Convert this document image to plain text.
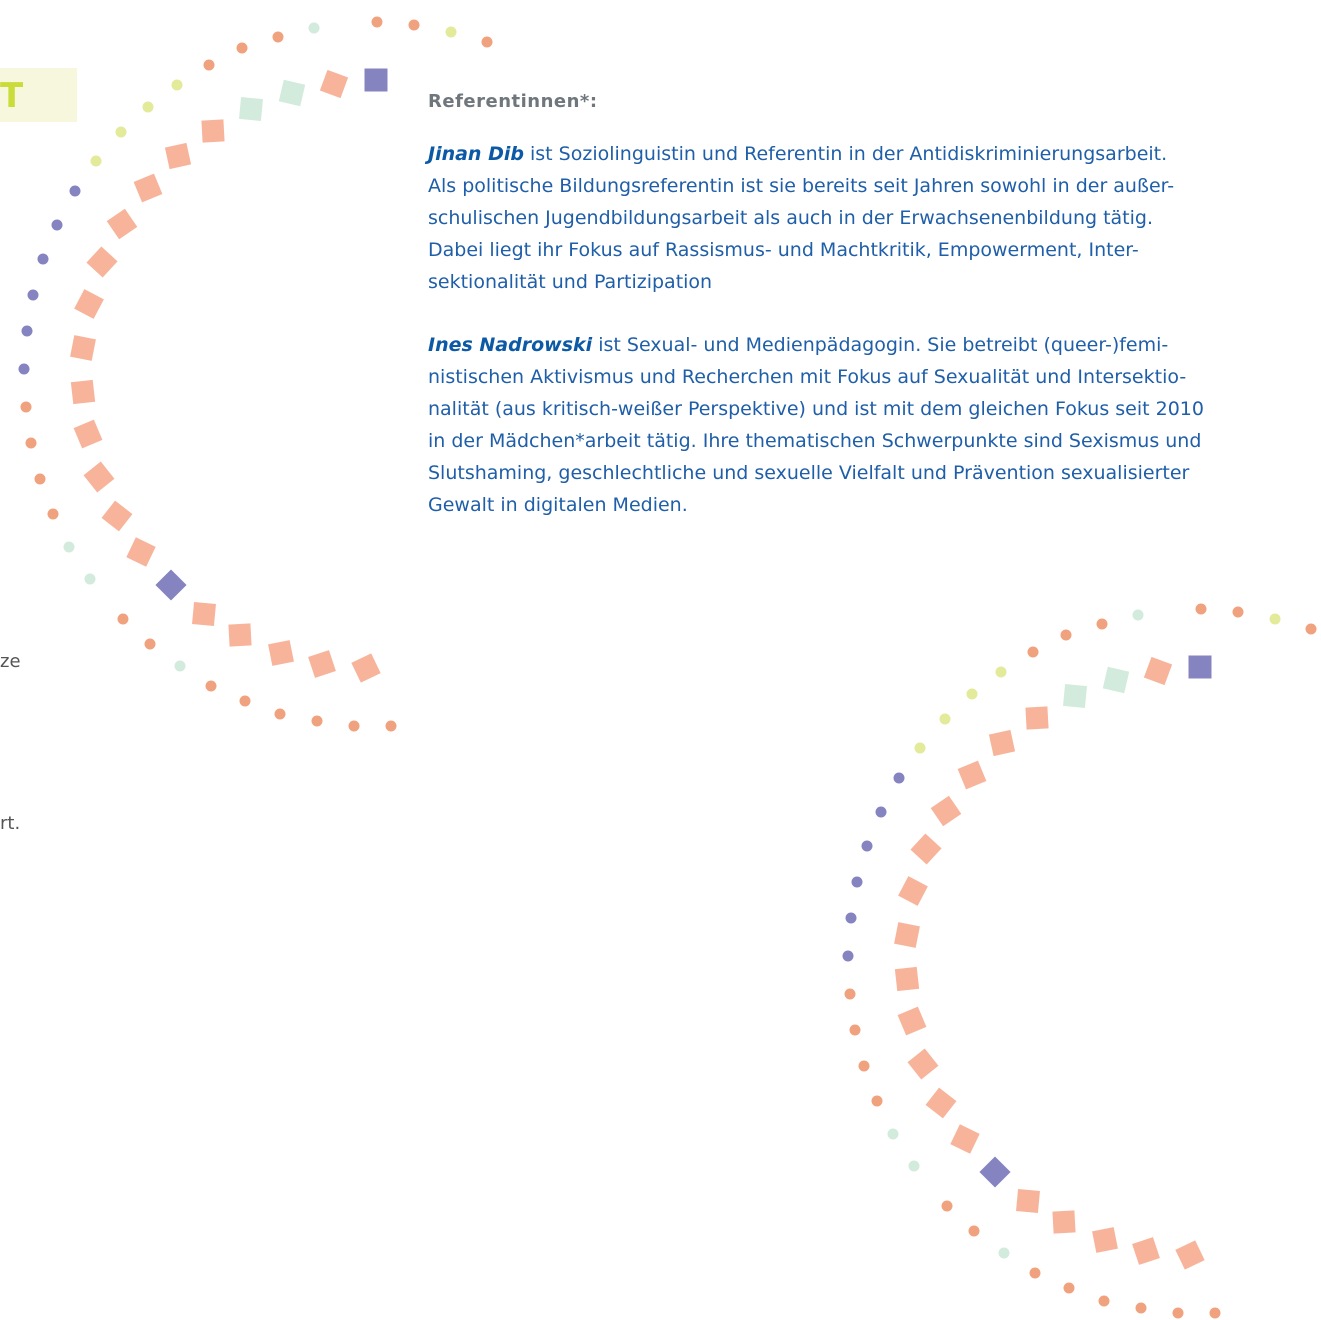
T
ze
rt.
Referentinnen*:
Jinan Dib ist Soziolinguistin und Referentin in der Antidiskriminierungsarbeit.
Als politische Bildungsreferentin ist sie bereits seit Jahren sowohl in der außer-
schulischen Jugendbildungsarbeit als auch in der Erwachsenenbildung tätig.
Dabei liegt ihr Fokus auf Rassismus- und Machtkritik, Empowerment, Inter-
sektionalität und Partizipation
Ines Nadrowski ist Sexual- und Medienpädagogin. Sie betreibt (queer-)femi-
nistischen Aktivismus und Recherchen mit Fokus auf Sexualität und Intersektio-
nalität (aus kritisch-weißer Perspektive) und ist mit dem gleichen Fokus seit 2010
in der Mädchen*arbeit tätig. Ihre thematischen Schwerpunkte sind Sexismus und
Slutshaming, geschlechtliche und sexuelle Vielfalt und Prävention sexualisierter
Gewalt in digitalen Medien.
